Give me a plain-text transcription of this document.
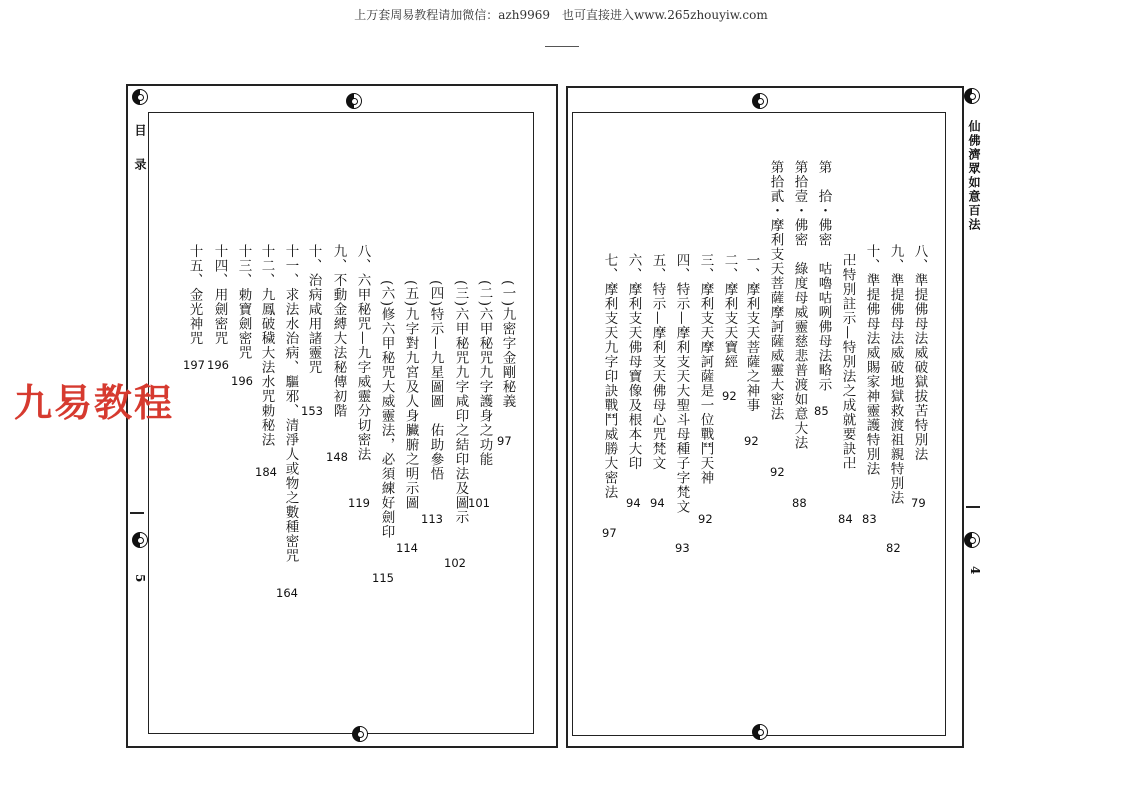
上万套周易教程请加微信：azh9969　也可直接进入www.265zhouyiw.com
目录
5
(一)九密字金剛秘義
97
(二)六甲秘咒九字護身之功能
101
(三)六甲秘咒九字咸印之結印法及圖示
102
(四)特示—九星圖圖　佑助參悟
113
(五)九字對九宮及人身臟腑之明示圖
114
(六)修六甲秘咒大威靈法，必須練好劍印
115
八、六甲秘咒—九字威靈分切密法
119
九、不動金縛大法秘傳初階
148
十、治病咸用諸靈咒
153
十一、求法水治病、驅邪、清淨人或物之數種密咒
164
十二、九鳳破穢大法水咒勅秘法
184
十三、勅寶劍密咒
196
十四、用劍密咒
196
十五、金光神咒
197
仙佛濟眾如意百法
4
八、準提佛母法威破獄拔苦特別法
79
九、準提佛母法威破地獄救渡祖親特別法
82
十、準提佛母法威賜家神靈護特別法
83
卍特別註示—特別法之成就要訣卍
84
第　拾・佛密　咕嚕咕咧佛母法略示
85
第拾壹・佛密　綠度母威靈慈悲普渡如意大法
88
第拾貳・摩利支天菩薩摩訶薩威靈大密法
92
一、摩利支天菩薩之神事
92
二、摩利支天寶經
92
三、摩利支天摩訶薩是一位戰鬥天神
92
四、特示—摩利支天大聖斗母種子字梵文
93
五、特示—摩利支天佛母心咒梵文
94
六、摩利支天佛母寶像及根本大印
94
七、摩利支天九字印訣戰鬥威勝大密法
97
九易教程
